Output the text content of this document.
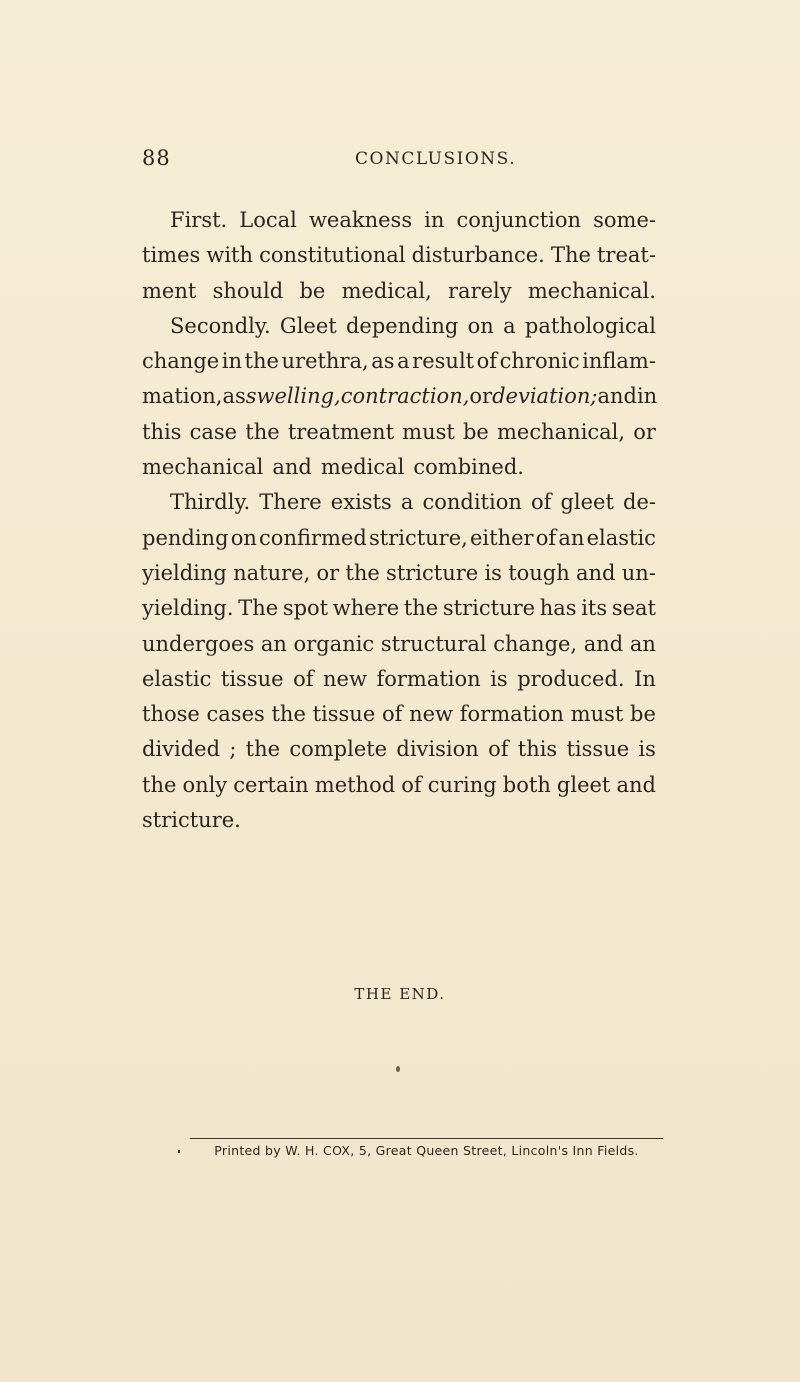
88	CONCLUSIONS.
First. Local weakness in conjunction some-
times with constitutional disturbance. The treat-
ment should be medical, rarely mechanical.
Secondly. Gleet depending on a pathological
change in the urethra, as a result of chronic inflam-
mation, as swelling, contraction, or deviation; and in
this case the treatment must be mechanical, or
mechanical and medical combined.
Thirdly. There exists a condition of gleet de-
pending on confirmed stricture, either of an elastic
yielding nature, or the stricture is tough and un-
yielding. The spot where the stricture has its seat
undergoes an organic structural change, and an
elastic tissue of new formation is produced. In
those cases the tissue of new formation must be
divided ; the complete division of this tissue is
the only certain method of curing both gleet and
stricture.
THE END.
Printed by W. H. COX, 5, Great Queen Street, Lincoln's Inn Fields.
